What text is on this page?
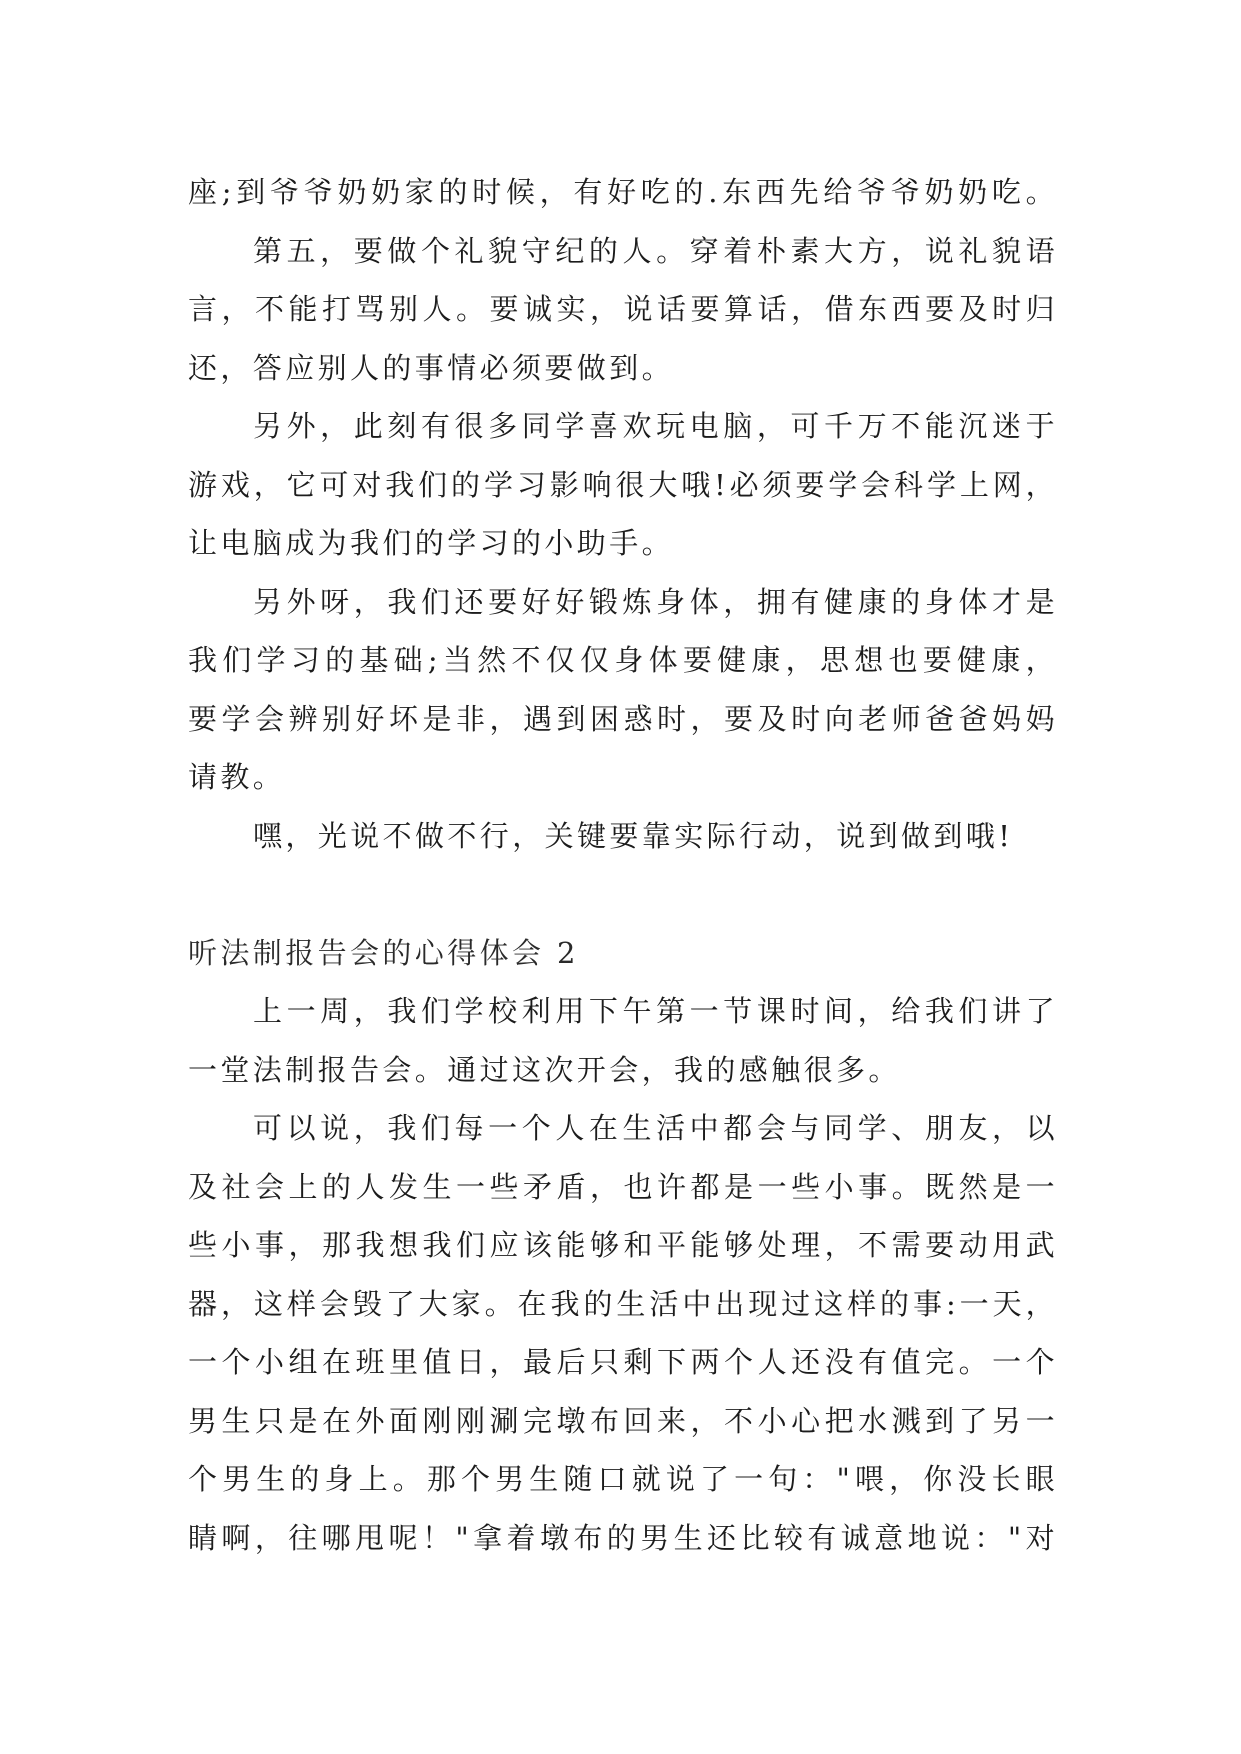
座;到爷爷奶奶家的时候，有好吃的.东西先给爷爷奶奶吃。
第五，要做个礼貌守纪的人。穿着朴素大方，说礼貌语
言，不能打骂别人。要诚实，说话要算话，借东西要及时归
还，答应别人的事情必须要做到。
另外，此刻有很多同学喜欢玩电脑，可千万不能沉迷于
游戏，它可对我们的学习影响很大哦!必须要学会科学上网，
让电脑成为我们的学习的小助手。
另外呀，我们还要好好锻炼身体，拥有健康的身体才是
我们学习的基础;当然不仅仅身体要健康，思想也要健康，
要学会辨别好坏是非，遇到困惑时，要及时向老师爸爸妈妈
请教。
嘿，光说不做不行，关键要靠实际行动，说到做到哦!
听法制报告会的心得体会 2
上一周，我们学校利用下午第一节课时间，给我们讲了
一堂法制报告会。通过这次开会，我的感触很多。
可以说，我们每一个人在生活中都会与同学、朋友，以
及社会上的人发生一些矛盾，也许都是一些小事。既然是一
些小事，那我想我们应该能够和平能够处理，不需要动用武
器，这样会毁了大家。在我的生活中出现过这样的事:一天，
一个小组在班里值日，最后只剩下两个人还没有值完。一个
男生只是在外面刚刚涮完墩布回来，不小心把水溅到了另一
个男生的身上。那个男生随口就说了一句："喂，你没长眼
睛啊，往哪甩呢！"拿着墩布的男生还比较有诚意地说："对
